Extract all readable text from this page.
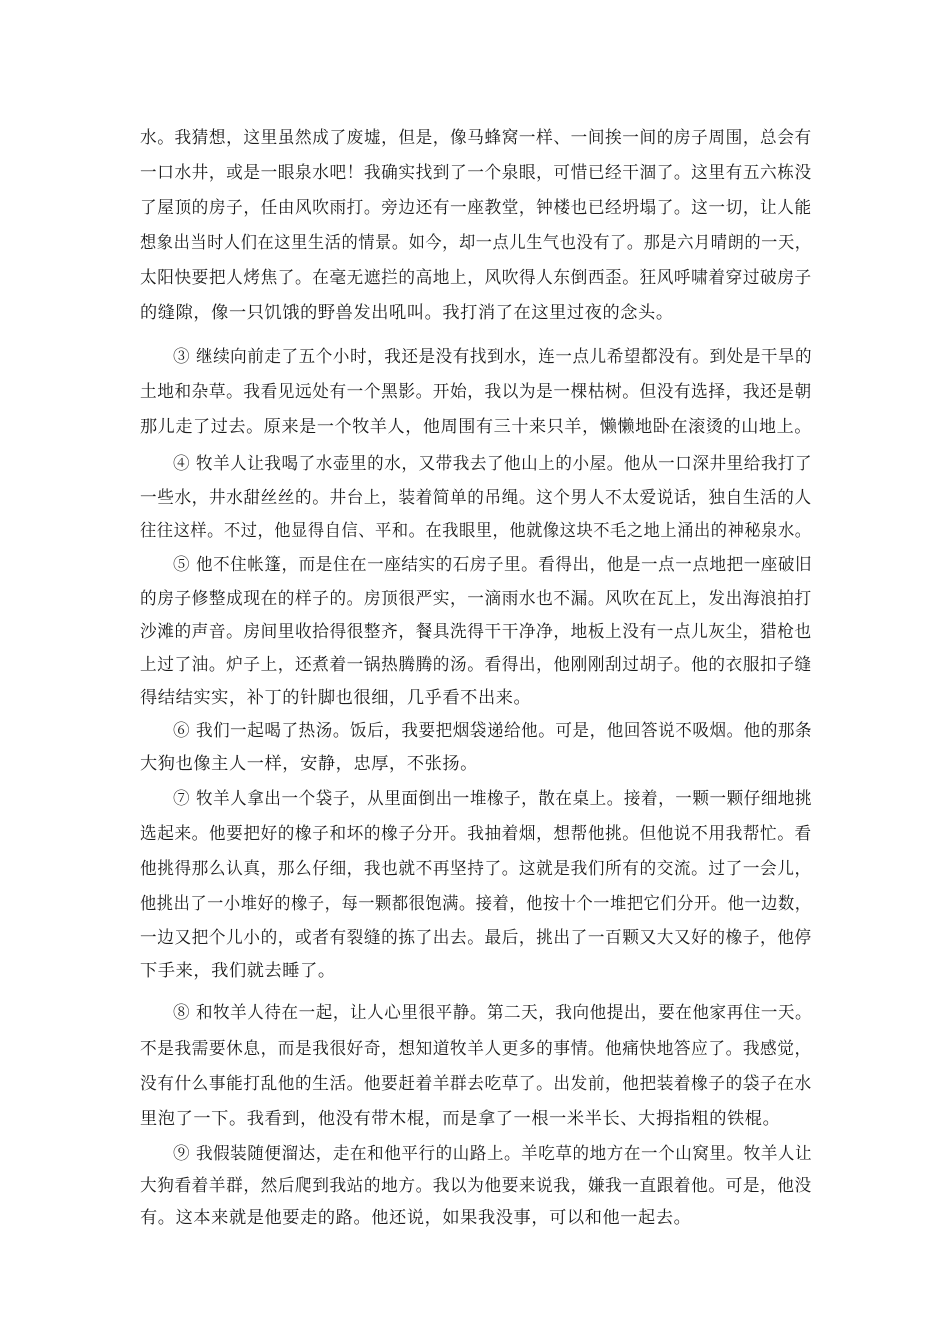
水。我猜想，这里虽然成了废墟，但是，像马蜂窝一样、一间挨一间的房子周围，总会有
一口水井，或是一眼泉水吧！我确实找到了一个泉眼，可惜已经干涸了。这里有五六栋没
了屋顶的房子，任由风吹雨打。旁边还有一座教堂，钟楼也已经坍塌了。这一切，让人能
想象出当时人们在这里生活的情景。如今，却一点儿生气也没有了。那是六月晴朗的一天，
太阳快要把人烤焦了。在毫无遮拦的高地上，风吹得人东倒西歪。狂风呼啸着穿过破房子
的缝隙，像一只饥饿的野兽发出吼叫。我打消了在这里过夜的念头。
③ 继续向前走了五个小时，我还是没有找到水，连一点儿希望都没有。到处是干旱的
土地和杂草。我看见远处有一个黑影。开始，我以为是一棵枯树。但没有选择，我还是朝
那儿走了过去。原来是一个牧羊人，他周围有三十来只羊，懒懒地卧在滚烫的山地上。
④ 牧羊人让我喝了水壶里的水，又带我去了他山上的小屋。他从一口深井里给我打了
一些水，井水甜丝丝的。井台上，装着简单的吊绳。这个男人不太爱说话，独自生活的人
往往这样。不过，他显得自信、平和。在我眼里，他就像这块不毛之地上涌出的神秘泉水。
⑤ 他不住帐篷，而是住在一座结实的石房子里。看得出，他是一点一点地把一座破旧
的房子修整成现在的样子的。房顶很严实，一滴雨水也不漏。风吹在瓦上，发出海浪拍打
沙滩的声音。房间里收拾得很整齐，餐具洗得干干净净，地板上没有一点儿灰尘，猎枪也
上过了油。炉子上，还煮着一锅热腾腾的汤。看得出，他刚刚刮过胡子。他的衣服扣子缝
得结结实实，补丁的针脚也很细，几乎看不出来。
⑥ 我们一起喝了热汤。饭后，我要把烟袋递给他。可是，他回答说不吸烟。他的那条
大狗也像主人一样，安静，忠厚，不张扬。
⑦ 牧羊人拿出一个袋子，从里面倒出一堆橡子，散在桌上。接着，一颗一颗仔细地挑
选起来。他要把好的橡子和坏的橡子分开。我抽着烟，想帮他挑。但他说不用我帮忙。看
他挑得那么认真，那么仔细，我也就不再坚持了。这就是我们所有的交流。过了一会儿，
他挑出了一小堆好的橡子，每一颗都很饱满。接着，他按十个一堆把它们分开。他一边数，
一边又把个儿小的，或者有裂缝的拣了出去。最后，挑出了一百颗又大又好的橡子，他停
下手来，我们就去睡了。
⑧ 和牧羊人待在一起，让人心里很平静。第二天，我向他提出，要在他家再住一天。
不是我需要休息，而是我很好奇，想知道牧羊人更多的事情。他痛快地答应了。我感觉，
没有什么事能打乱他的生活。他要赶着羊群去吃草了。出发前，他把装着橡子的袋子在水
里泡了一下。我看到，他没有带木棍，而是拿了一根一米半长、大拇指粗的铁棍。
⑨ 我假装随便溜达，走在和他平行的山路上。羊吃草的地方在一个山窝里。牧羊人让
大狗看着羊群，然后爬到我站的地方。我以为他要来说我，嫌我一直跟着他。可是，他没
有。这本来就是他要走的路。他还说，如果我没事，可以和他一起去。
